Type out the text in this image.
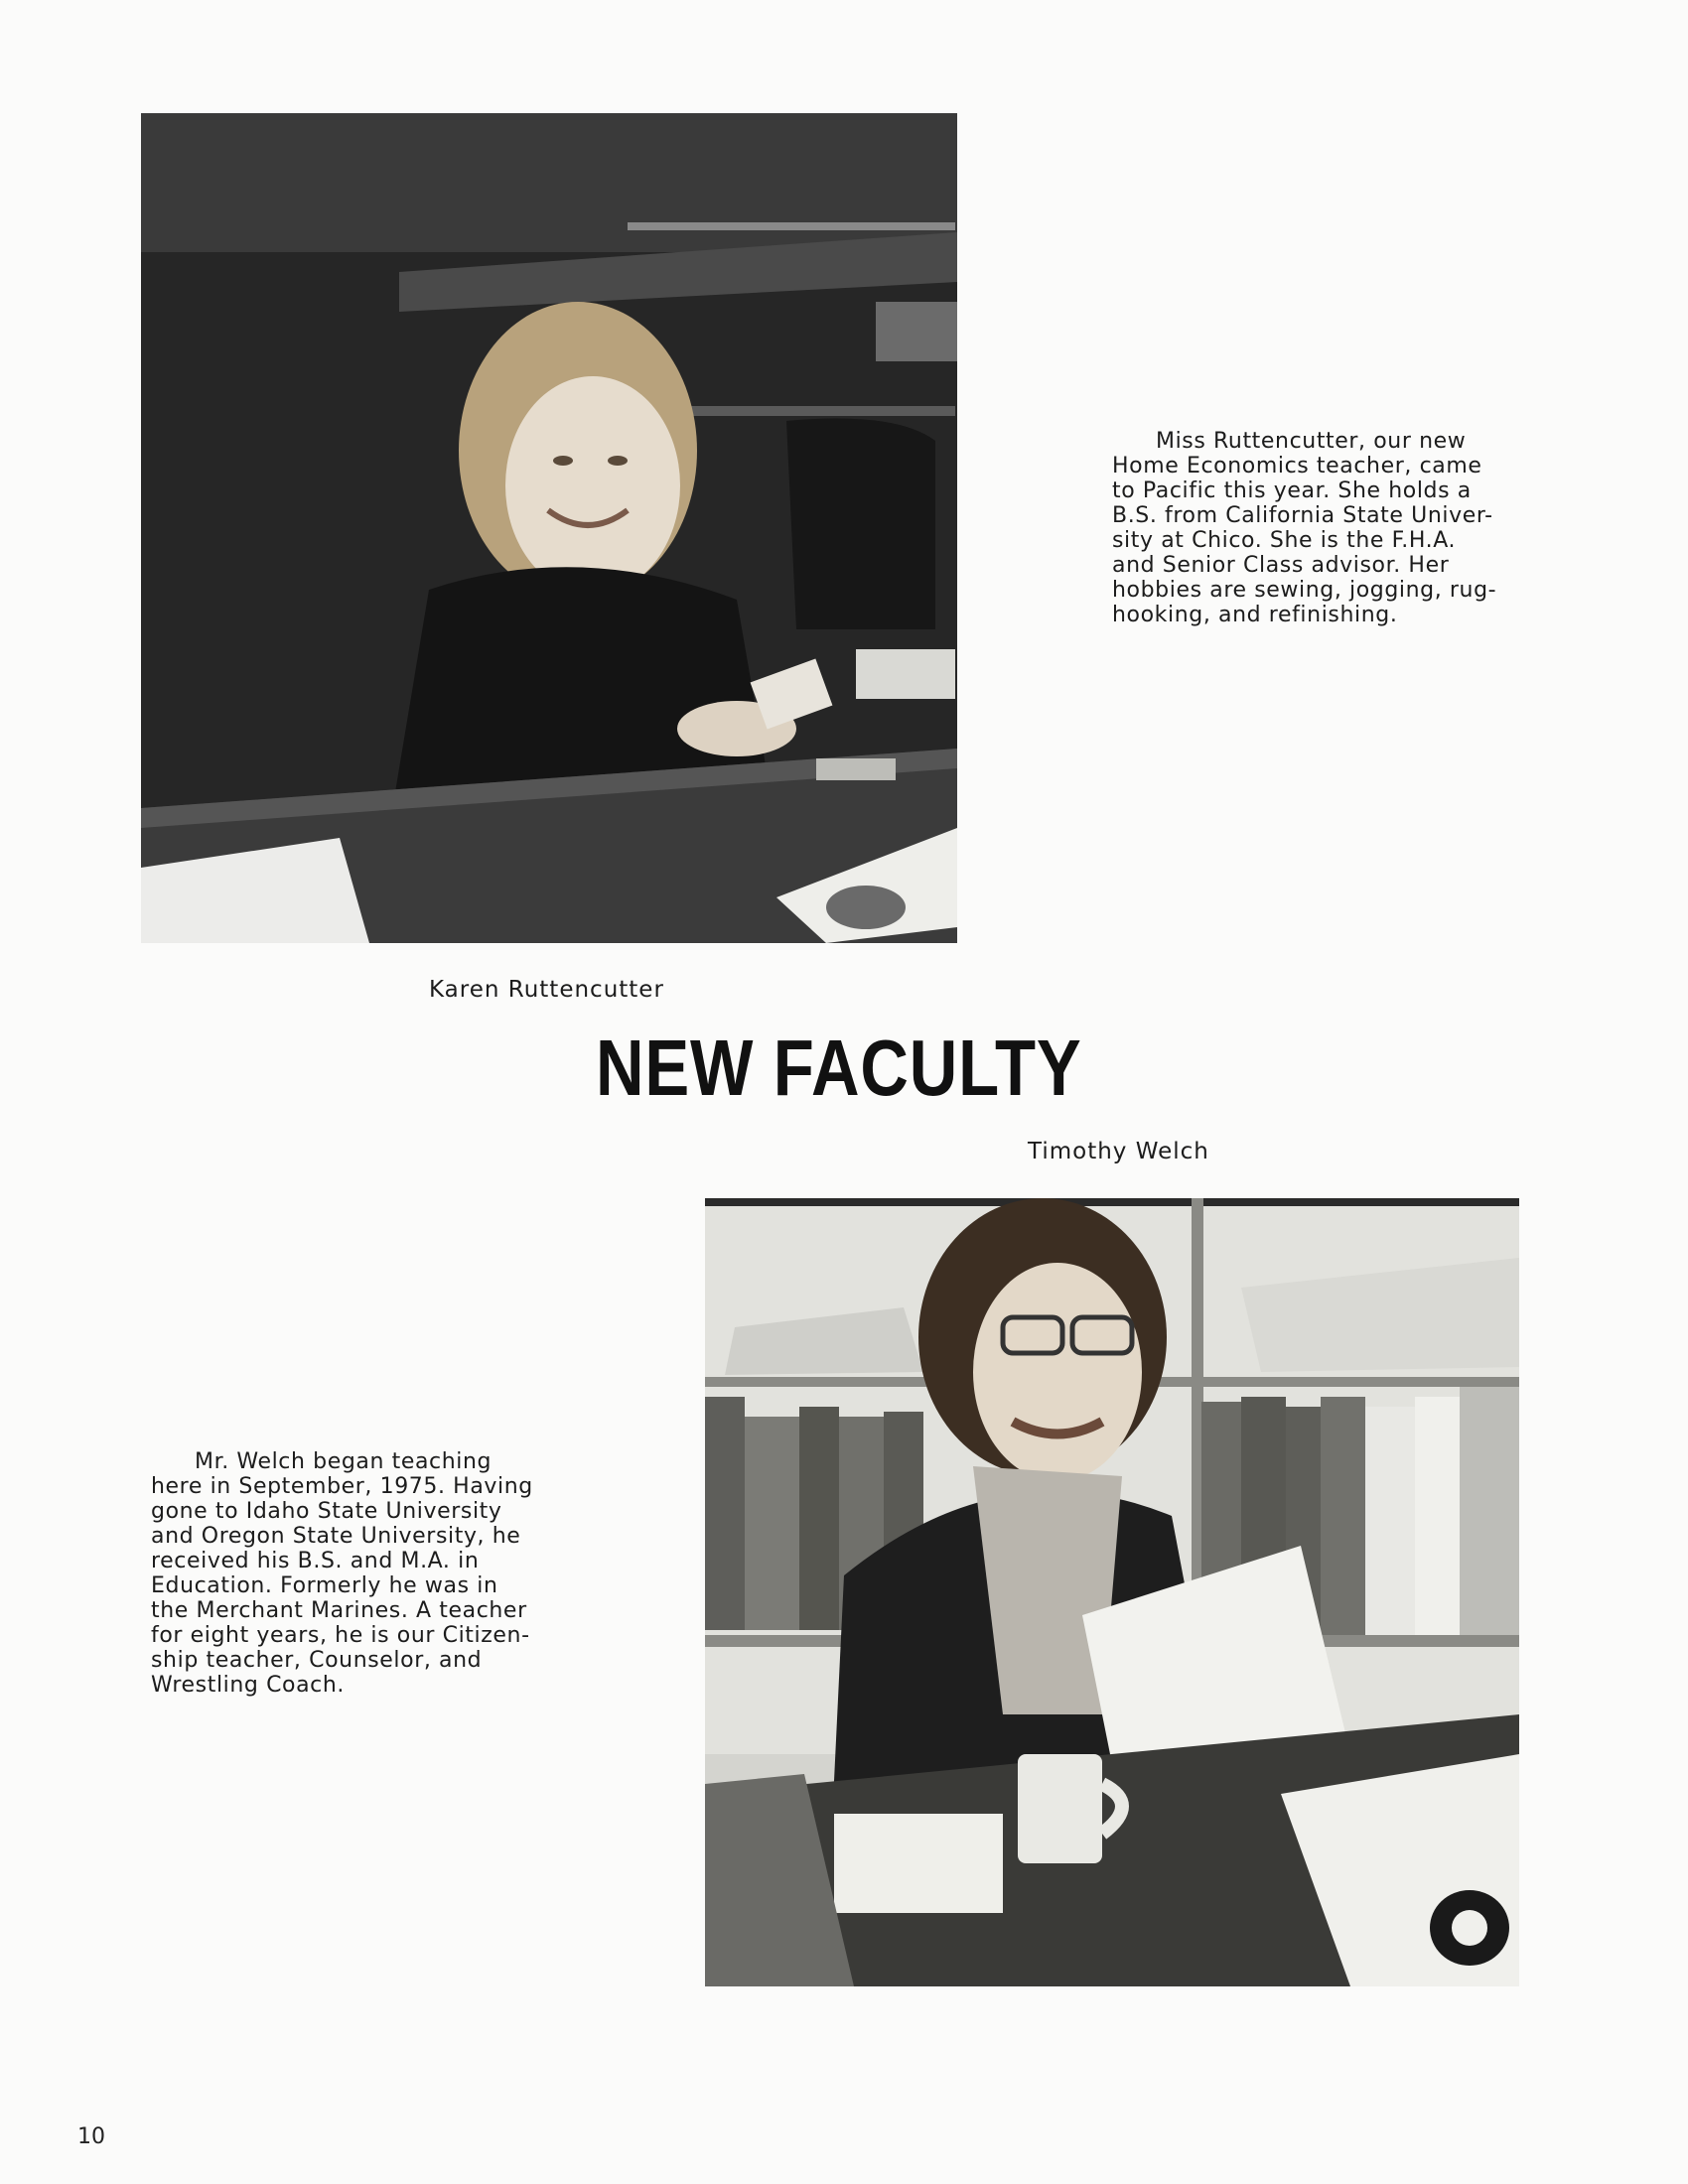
Miss Ruttencutter, our new
Home Economics teacher, came
to Pacific this year. She holds a
B.S. from California State Univer-
sity at Chico. She is the F.H.A.
and Senior Class advisor. Her
hobbies are sewing, jogging, rug-
hooking, and refinishing.

Karen Ruttencutter
NEW FACULTY
Timothy Welch

Mr. Welch began teaching
here in September, 1975. Having
gone to Idaho State University
and Oregon State University, he
received his B.S. and M.A. in
Education. Formerly he was in
the Merchant Marines. A teacher
for eight years, he is our Citizen-
ship teacher, Counselor, and
Wrestling Coach.

10
